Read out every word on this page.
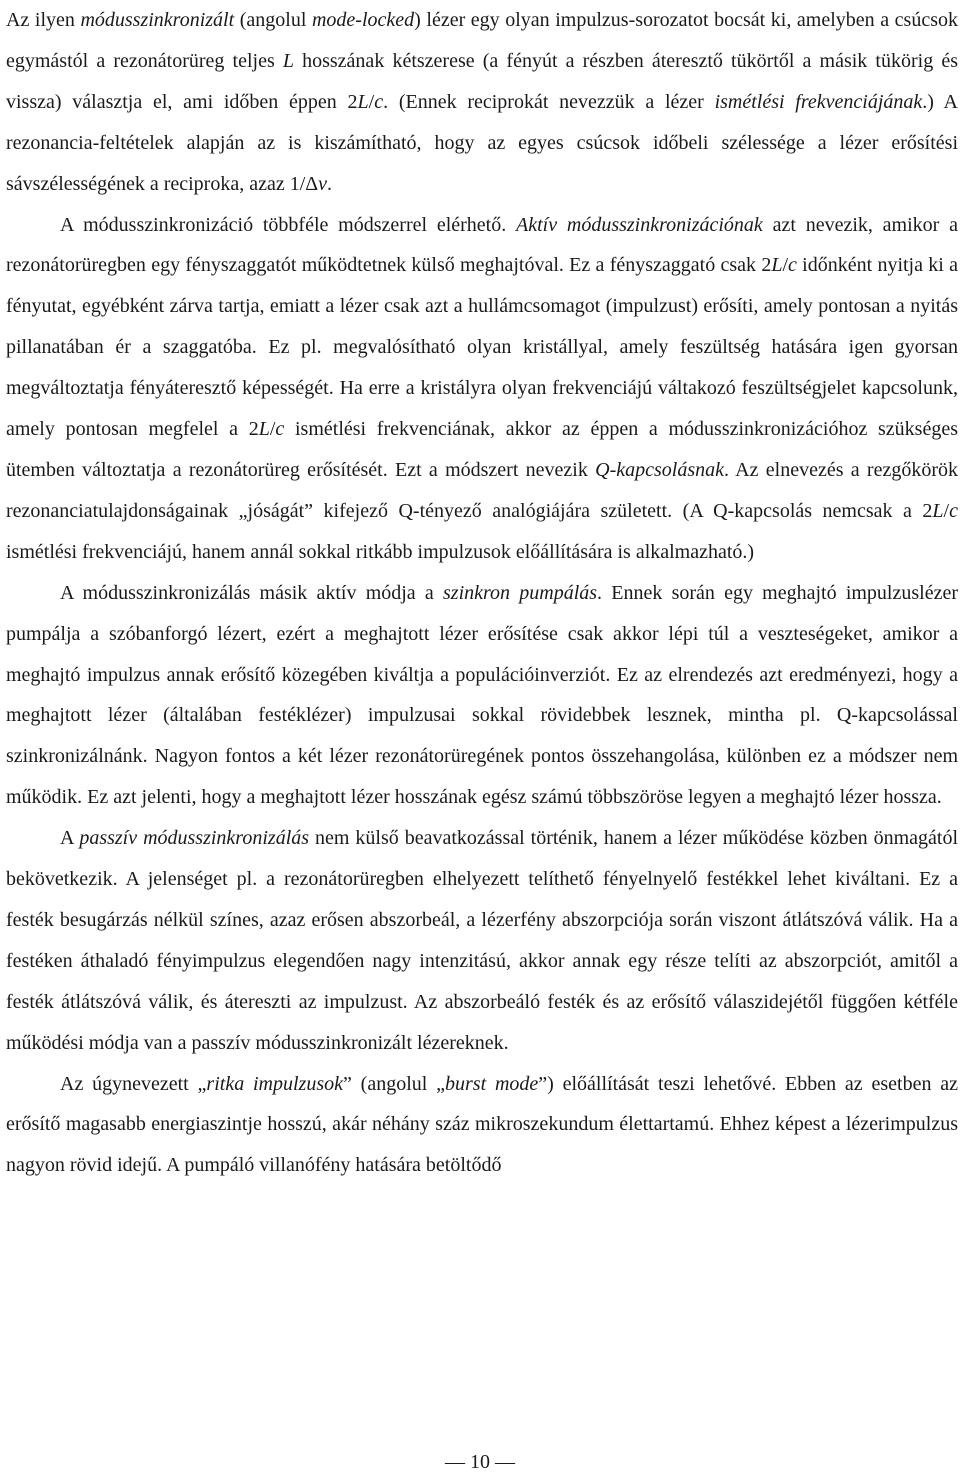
Az ilyen módusszinkronizált (angolul mode-locked) lézer egy olyan impulzus-sorozatot bocsát ki, amelyben a csúcsok egymástól a rezonátorüreg teljes L hosszának kétszerese (a fényút a részben áteresztő tükörtől a másik tükörig és vissza) választja el, ami időben éppen 2L/c. (Ennek reciprokát nevezzük a lézer ismétlési frekvenciájának.) A rezonancia-feltételek alapján az is kiszámítható, hogy az egyes csúcsok időbeli szélessége a lézer erősítési sávszélességének a reciproka, azaz 1/Δν.

A módusszinkronizáció többféle módszerrel elérhető. Aktív módusszinkronizációnak azt nevezik, amikor a rezonátorüregben egy fényszaggatót működtetnek külső meghajtóval. Ez a fényszaggató csak 2L/c időnként nyitja ki a fényutat, egyébként zárva tartja, emiatt a lézer csak azt a hullámcsomagot (impulzust) erősíti, amely pontosan a nyitás pillanatában ér a szaggatóba. Ez pl. megvalósítható olyan kristállyal, amely feszültség hatására igen gyorsan megváltoztatja fényáteresztő képességét. Ha erre a kristályra olyan frekvenciájú váltakozó feszültségjelet kapcsolunk, amely pontosan megfelel a 2L/c ismétlési frekvenciának, akkor az éppen a módusszinkronizációhoz szükséges ütemben változtatja a rezonátorüreg erősítését. Ezt a módszert nevezik Q-kapcsolásnak. Az elnevezés a rezgőkörök rezonanciatulajdonságainak „jóságát” kifejező Q-tényező analógiájára született. (A Q-kapcsolás nemcsak a 2L/c ismétlési frekvenciájú, hanem annál sokkal ritkább impulzusok előállítására is alkalmazható.)

A módusszinkronizálás másik aktív módja a szinkron pumpálás. Ennek során egy meghajtó impulzuslézer pumpálja a szóbanforgó lézert, ezért a meghajtott lézer erősítése csak akkor lépi túl a veszteségeket, amikor a meghajtó impulzus annak erősítő közegében kiváltja a populációinverziót. Ez az elrendezés azt eredményezi, hogy a meghajtott lézer (általában festéklézer) impulzusai sokkal rövidebbek lesznek, mintha pl. Q-kapcsolással szinkronizálnánk. Nagyon fontos a két lézer rezonátorüregének pontos összehangolása, különben ez a módszer nem működik. Ez azt jelenti, hogy a meghajtott lézer hosszának egész számú többszöröse legyen a meghajtó lézer hossza.

A passzív módusszinkronizálás nem külső beavatkozással történik, hanem a lézer működése közben önmagától bekövetkezik. A jelenséget pl. a rezonátorüregben elhelyezett telíthető fényelnyelő festékkel lehet kiváltani. Ez a festék besugárzás nélkül színes, azaz erősen abszorbeál, a lézerfény abszorpciója során viszont átlátszóvá válik. Ha a festéken áthaladó fényimpulzus elegendően nagy intenzitású, akkor annak egy része telíti az abszorpciót, amitől a festék átlátszóvá válik, és átereszti az impulzust. Az abszorbeáló festék és az erősítő válaszidejétől függően kétféle működési módja van a passzív módusszinkronizált lézereknek.

Az úgynevezett „ritka impulzusok” (angolul „burst mode”) előállítását teszi lehetővé. Ebben az esetben az erősítő magasabb energiaszintje hosszú, akár néhány száz mikroszekundum élettartamú. Ehhez képest a lézerimpulzus nagyon rövid idejű. A pumpáló villanófény hatására betöltődő

— 10 —
